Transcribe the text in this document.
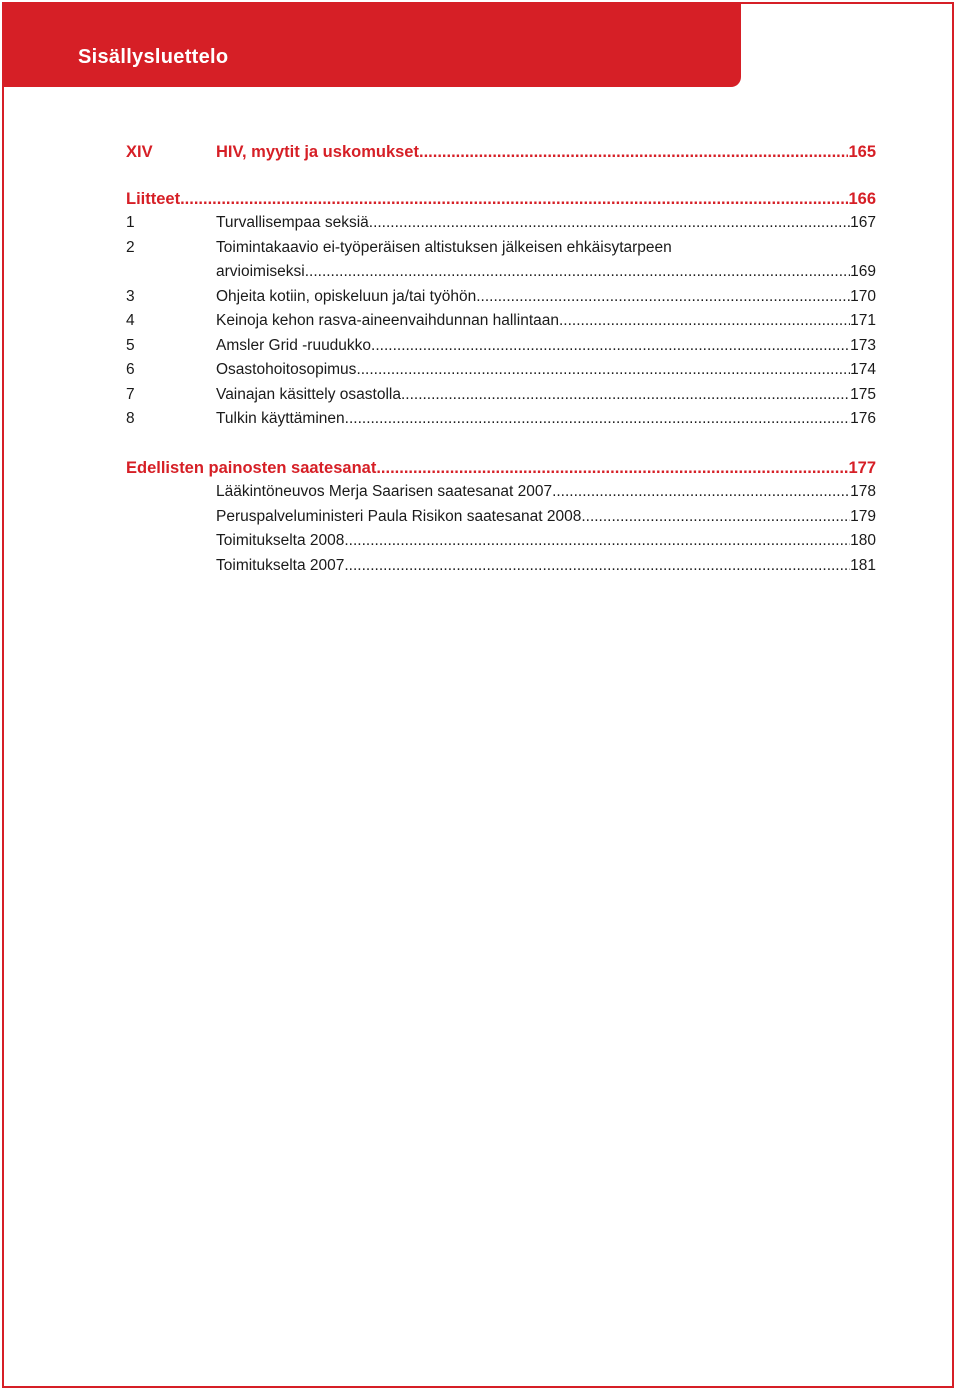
Sisällysluettelo
XIV	HIV, myytit ja uskomukset .....	165
Liitteet .....	166
1	Turvallisempaa seksiä .....	167
2	Toimintakaavio ei-työperäisen altistuksen jälkeisen ehkäisytarpeen
arvioimiseksi .....	169
3	Ohjeita kotiin, opiskeluun ja/tai työhön .....	170
4	Keinoja kehon rasva-aineenvaihdunnan hallintaan .....	171
5	Amsler Grid -ruudukko .....	173
6	Osastohoitosopimus .....	174
7	Vainajan käsittely osastolla .....	175
8	Tulkin käyttäminen .....	176
Edellisten painosten saatesanat .....	177
Lääkintöneuvos Merja Saarisen saatesanat 2007 .....	178
Peruspalveluministeri Paula Risikon saatesanat 2008 .....	179
Toimitukselta 2008 .....	180
Toimitukselta 2007 .....	181
